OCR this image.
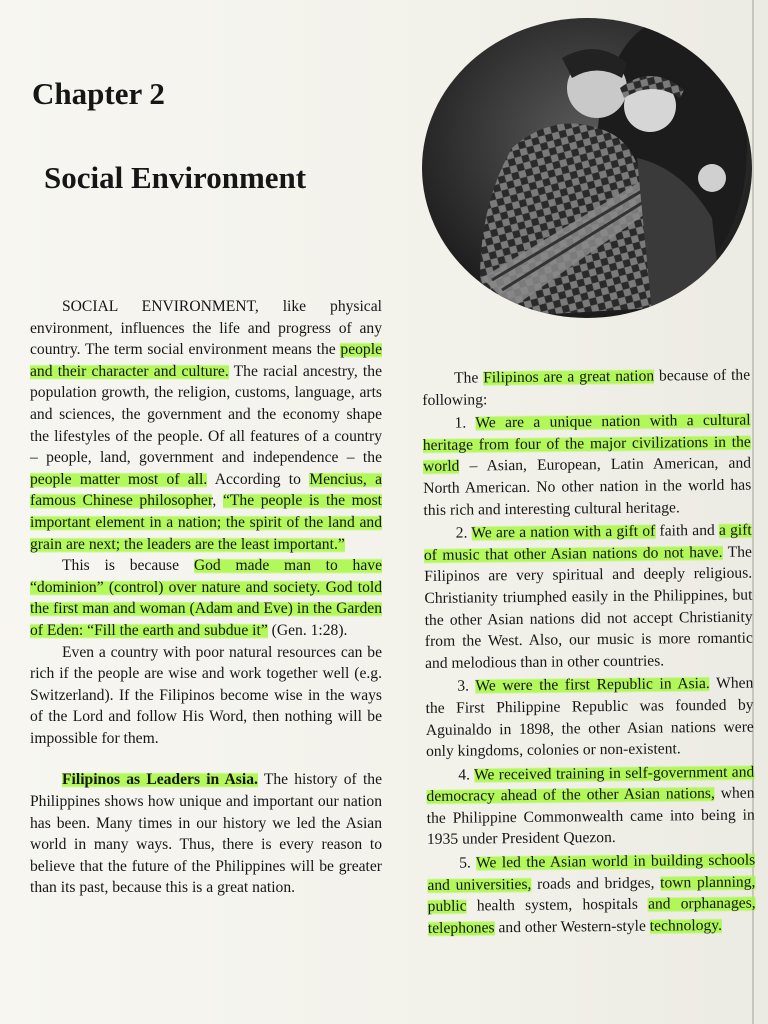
Chapter 2
Social Environment

SOCIAL ENVIRONMENT, like physical environment, influences the life and progress of any country. The term social environment means the people and their character and culture. The racial ancestry, the population growth, the religion, customs, language, arts and sciences, the government and the economy shape the lifestyles of the people. Of all features of a country – people, land, government and independence – the people matter most of all. According to Mencius, a famous Chinese philosopher, “The people is the most important element in a nation; the spirit of the land and grain are next; the leaders are the least important.”

This is because God made man to have “dominion” (control) over nature and society. God told the first man and woman (Adam and Eve) in the Garden of Eden: “Fill the earth and subdue it” (Gen. 1:28).

Even a country with poor natural resources can be rich if the people are wise and work together well (e.g. Switzerland). If the Filipinos become wise in the ways of the Lord and follow His Word, then nothing will be impossible for them.

Filipinos as Leaders in Asia. The history of the Philippines shows how unique and important our nation has been. Many times in our history we led the Asian world in many ways. Thus, there is every reason to believe that the future of the Philippines will be greater than its past, because this is a great nation.

The Filipinos are a great nation because of the following:

1. We are a unique nation with a cultural heritage from four of the major civilizations in the world – Asian, European, Latin American, and North American. No other nation in the world has this rich and interesting cultural heritage.

2. We are a nation with a gift of faith and a gift of music that other Asian nations do not have. The Filipinos are very spiritual and deeply religious. Christianity triumphed easily in the Philippines, but the other Asian nations did not accept Christianity from the West. Also, our music is more romantic and melodious than in other countries.

3. We were the first Republic in Asia. When the First Philippine Republic was founded by Aguinaldo in 1898, the other Asian nations were only kingdoms, colonies or non-existent.

4. We received training in self-government and democracy ahead of the other Asian nations, when the Philippine Commonwealth came into being in 1935 under President Quezon.

5. We led the Asian world in building schools and universities, roads and bridges, town planning, public health system, hospitals and orphanages, telephones and other Western-style technology.
